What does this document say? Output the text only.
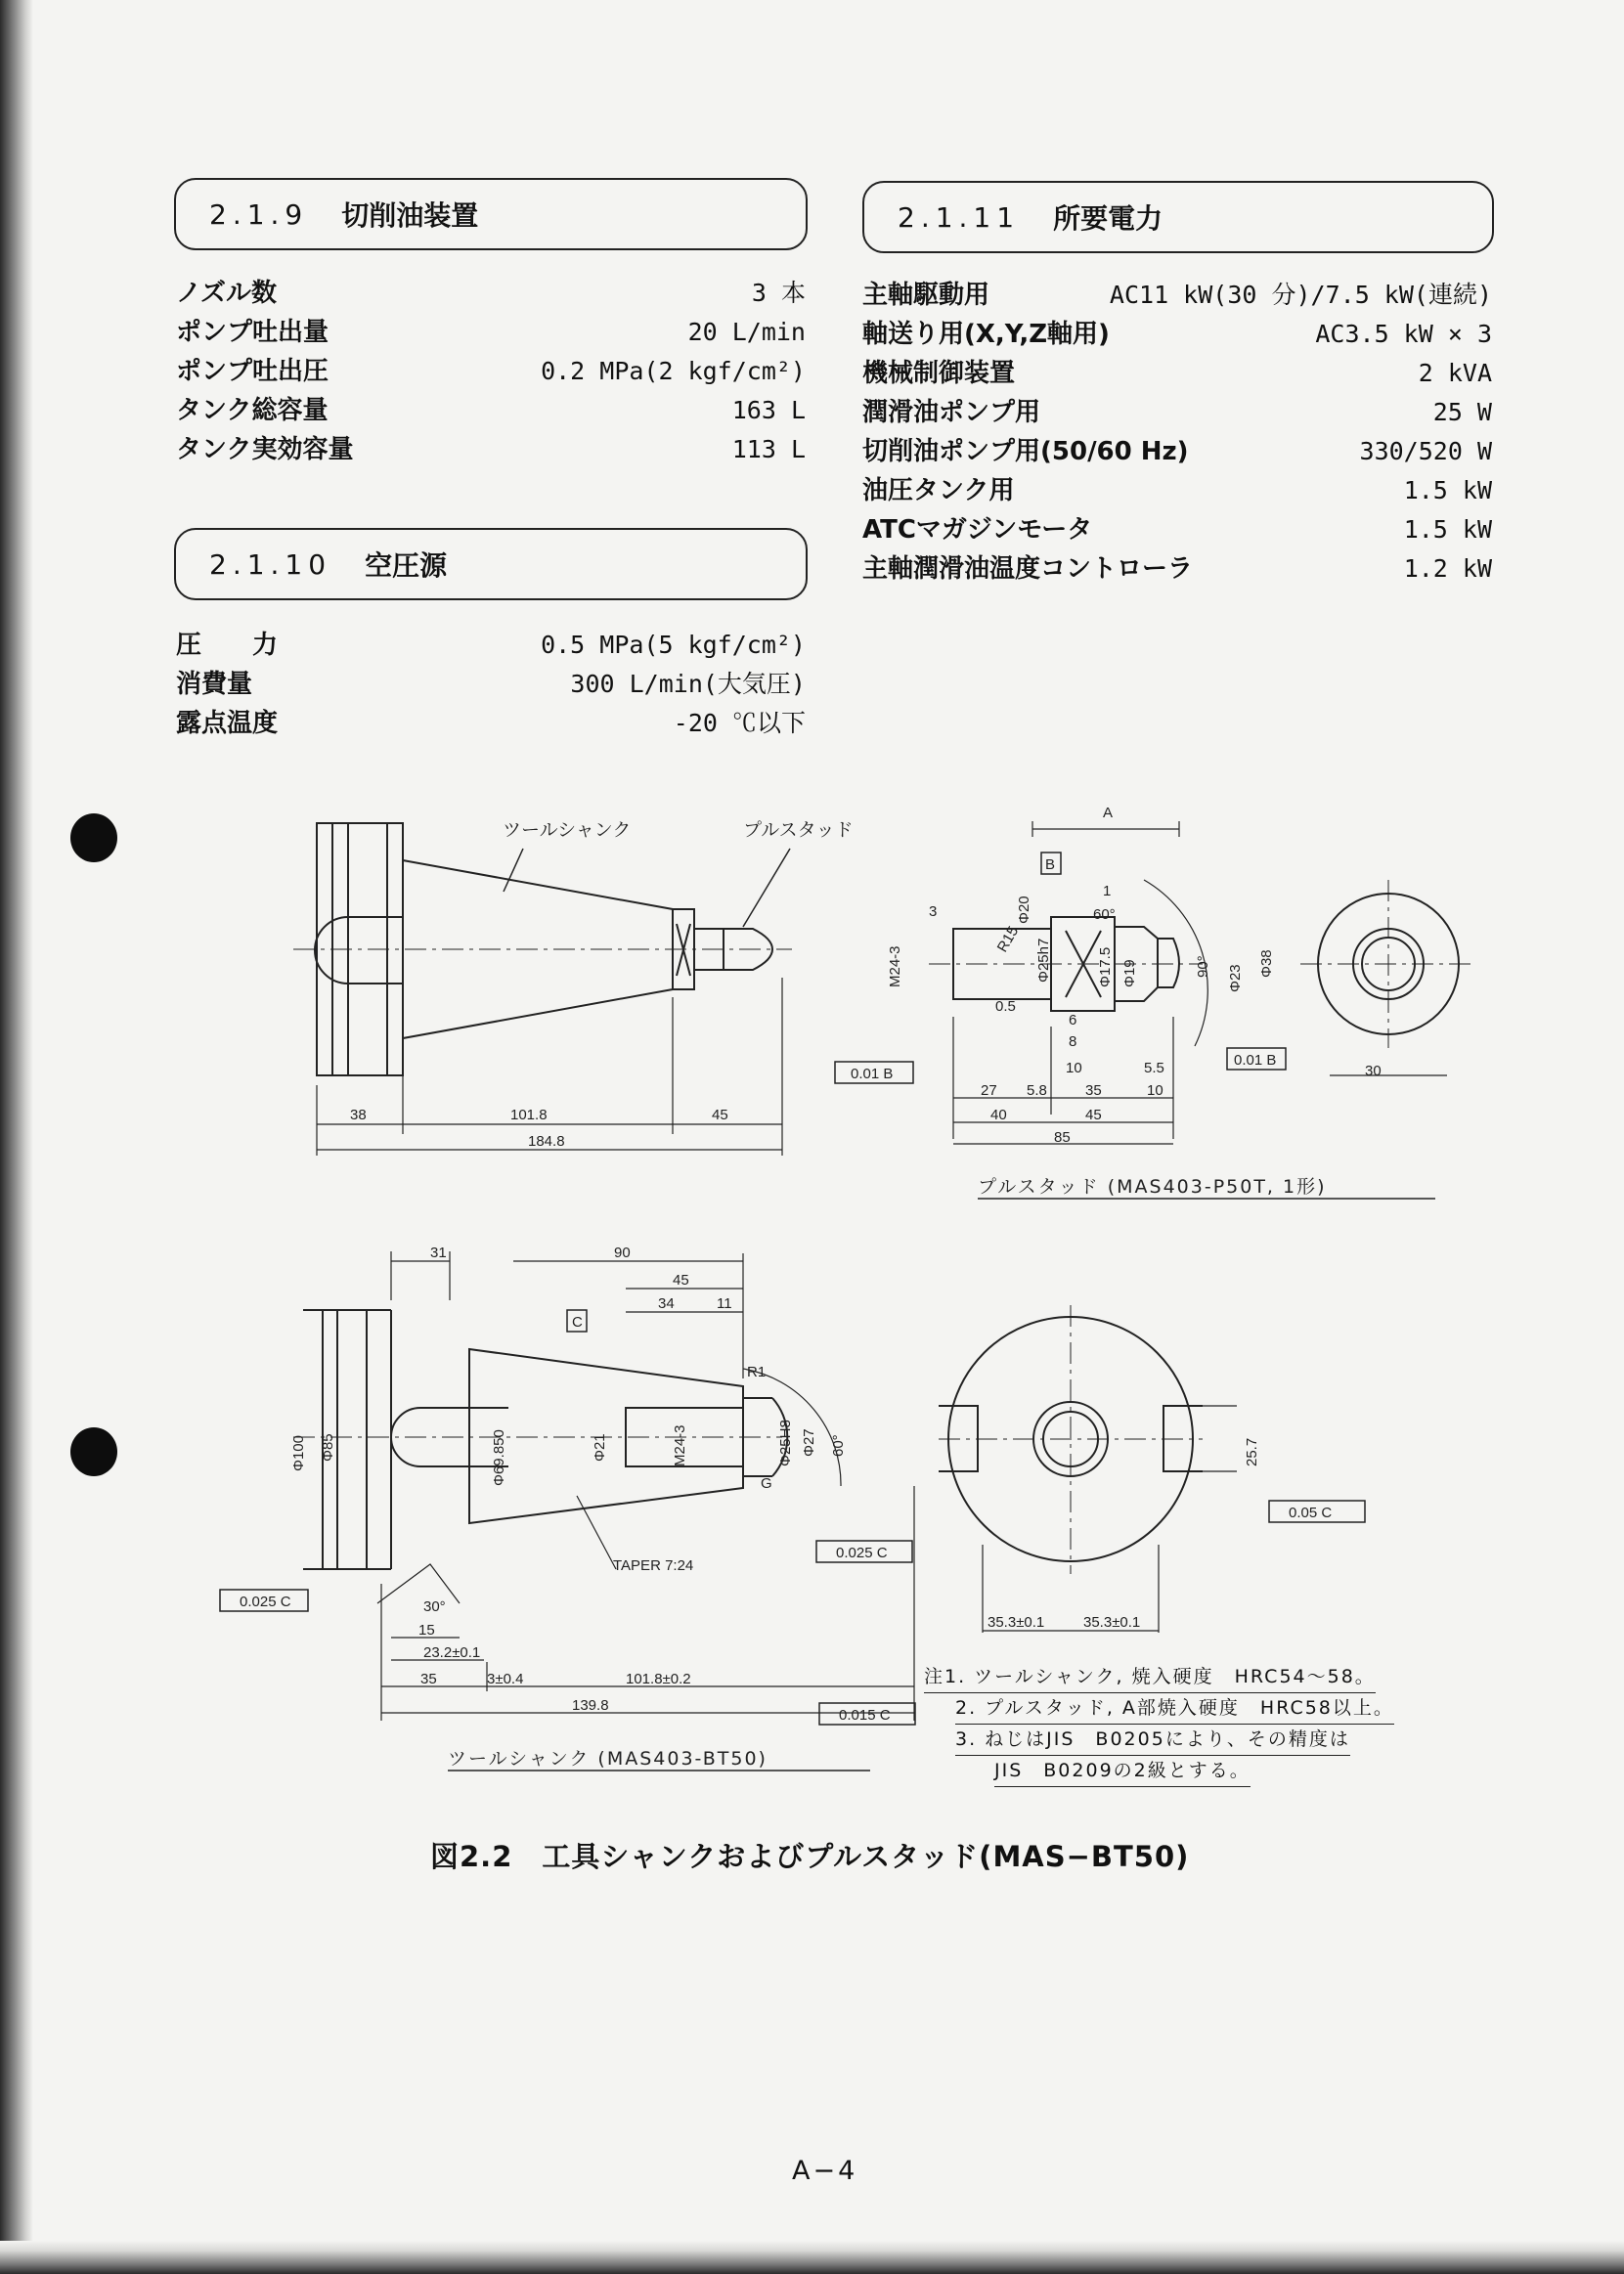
2.1.9 切削油装置
ノズル数	3 本
ポンプ吐出量	20 L/min
ポンプ吐出圧	0.2 MPa(2 kgf/cm²)
タンク総容量	163 L
タンク実効容量	113 L
2.1.10 空圧源
圧　　力	0.5 MPa(5 kgf/cm²)
消費量	300 L/min(大気圧)
露点温度	-20 ℃以下
2.1.11 所要電力
主軸駆動用	AC11 kW(30 分)/7.5 kW(連続)
軸送り用(X,Y,Z軸用)	AC3.5 kW × 3
機械制御装置	2 kVA
潤滑油ポンプ用	25 W
切削油ポンプ用(50/60 Hz)	330/520 W
油圧タンク用	1.5 kW
ATCマガジンモータ	1.5 kW
主軸潤滑油温度コントローラ	1.2 kW
ツールシャンク	プルスタッド
38	101.8	45
184.8
A
B
M24-3
R15
Φ20
Φ25h7	Φ17.5
60°
Φ19	Φ23
90°	Φ38
0.5
1
3
6
8
10	5.5
27 5.8	35	10
40	45
85
0.01 B
0.01 B
30
プルスタッド (MAS403-P50T, 1形)
31	90
45
34	11
C
R1
Φ100 Φ85	Φ69.850	Φ21	M24-3	Φ25H8 Φ27 60°
TAPER 7:24
0.025 C
0.025 C	30°
15
23.2±0.1
35	3±0.4	101.8±0.2
139.8
0.015 C
G
ツールシャンク (MAS403-BT50)
25.7
0.05 C
35.3±0.1	35.3±0.1
注1. ツールシャンク, 焼入硬度　HRC54～58。
2. プルスタッド, A部焼入硬度　HRC58以上。
3. ねじはJIS　B0205により、その精度は
JIS　B0209の2級とする。
図2.2　工具シャンクおよびプルスタッド(MAS−BT50)
A−4
